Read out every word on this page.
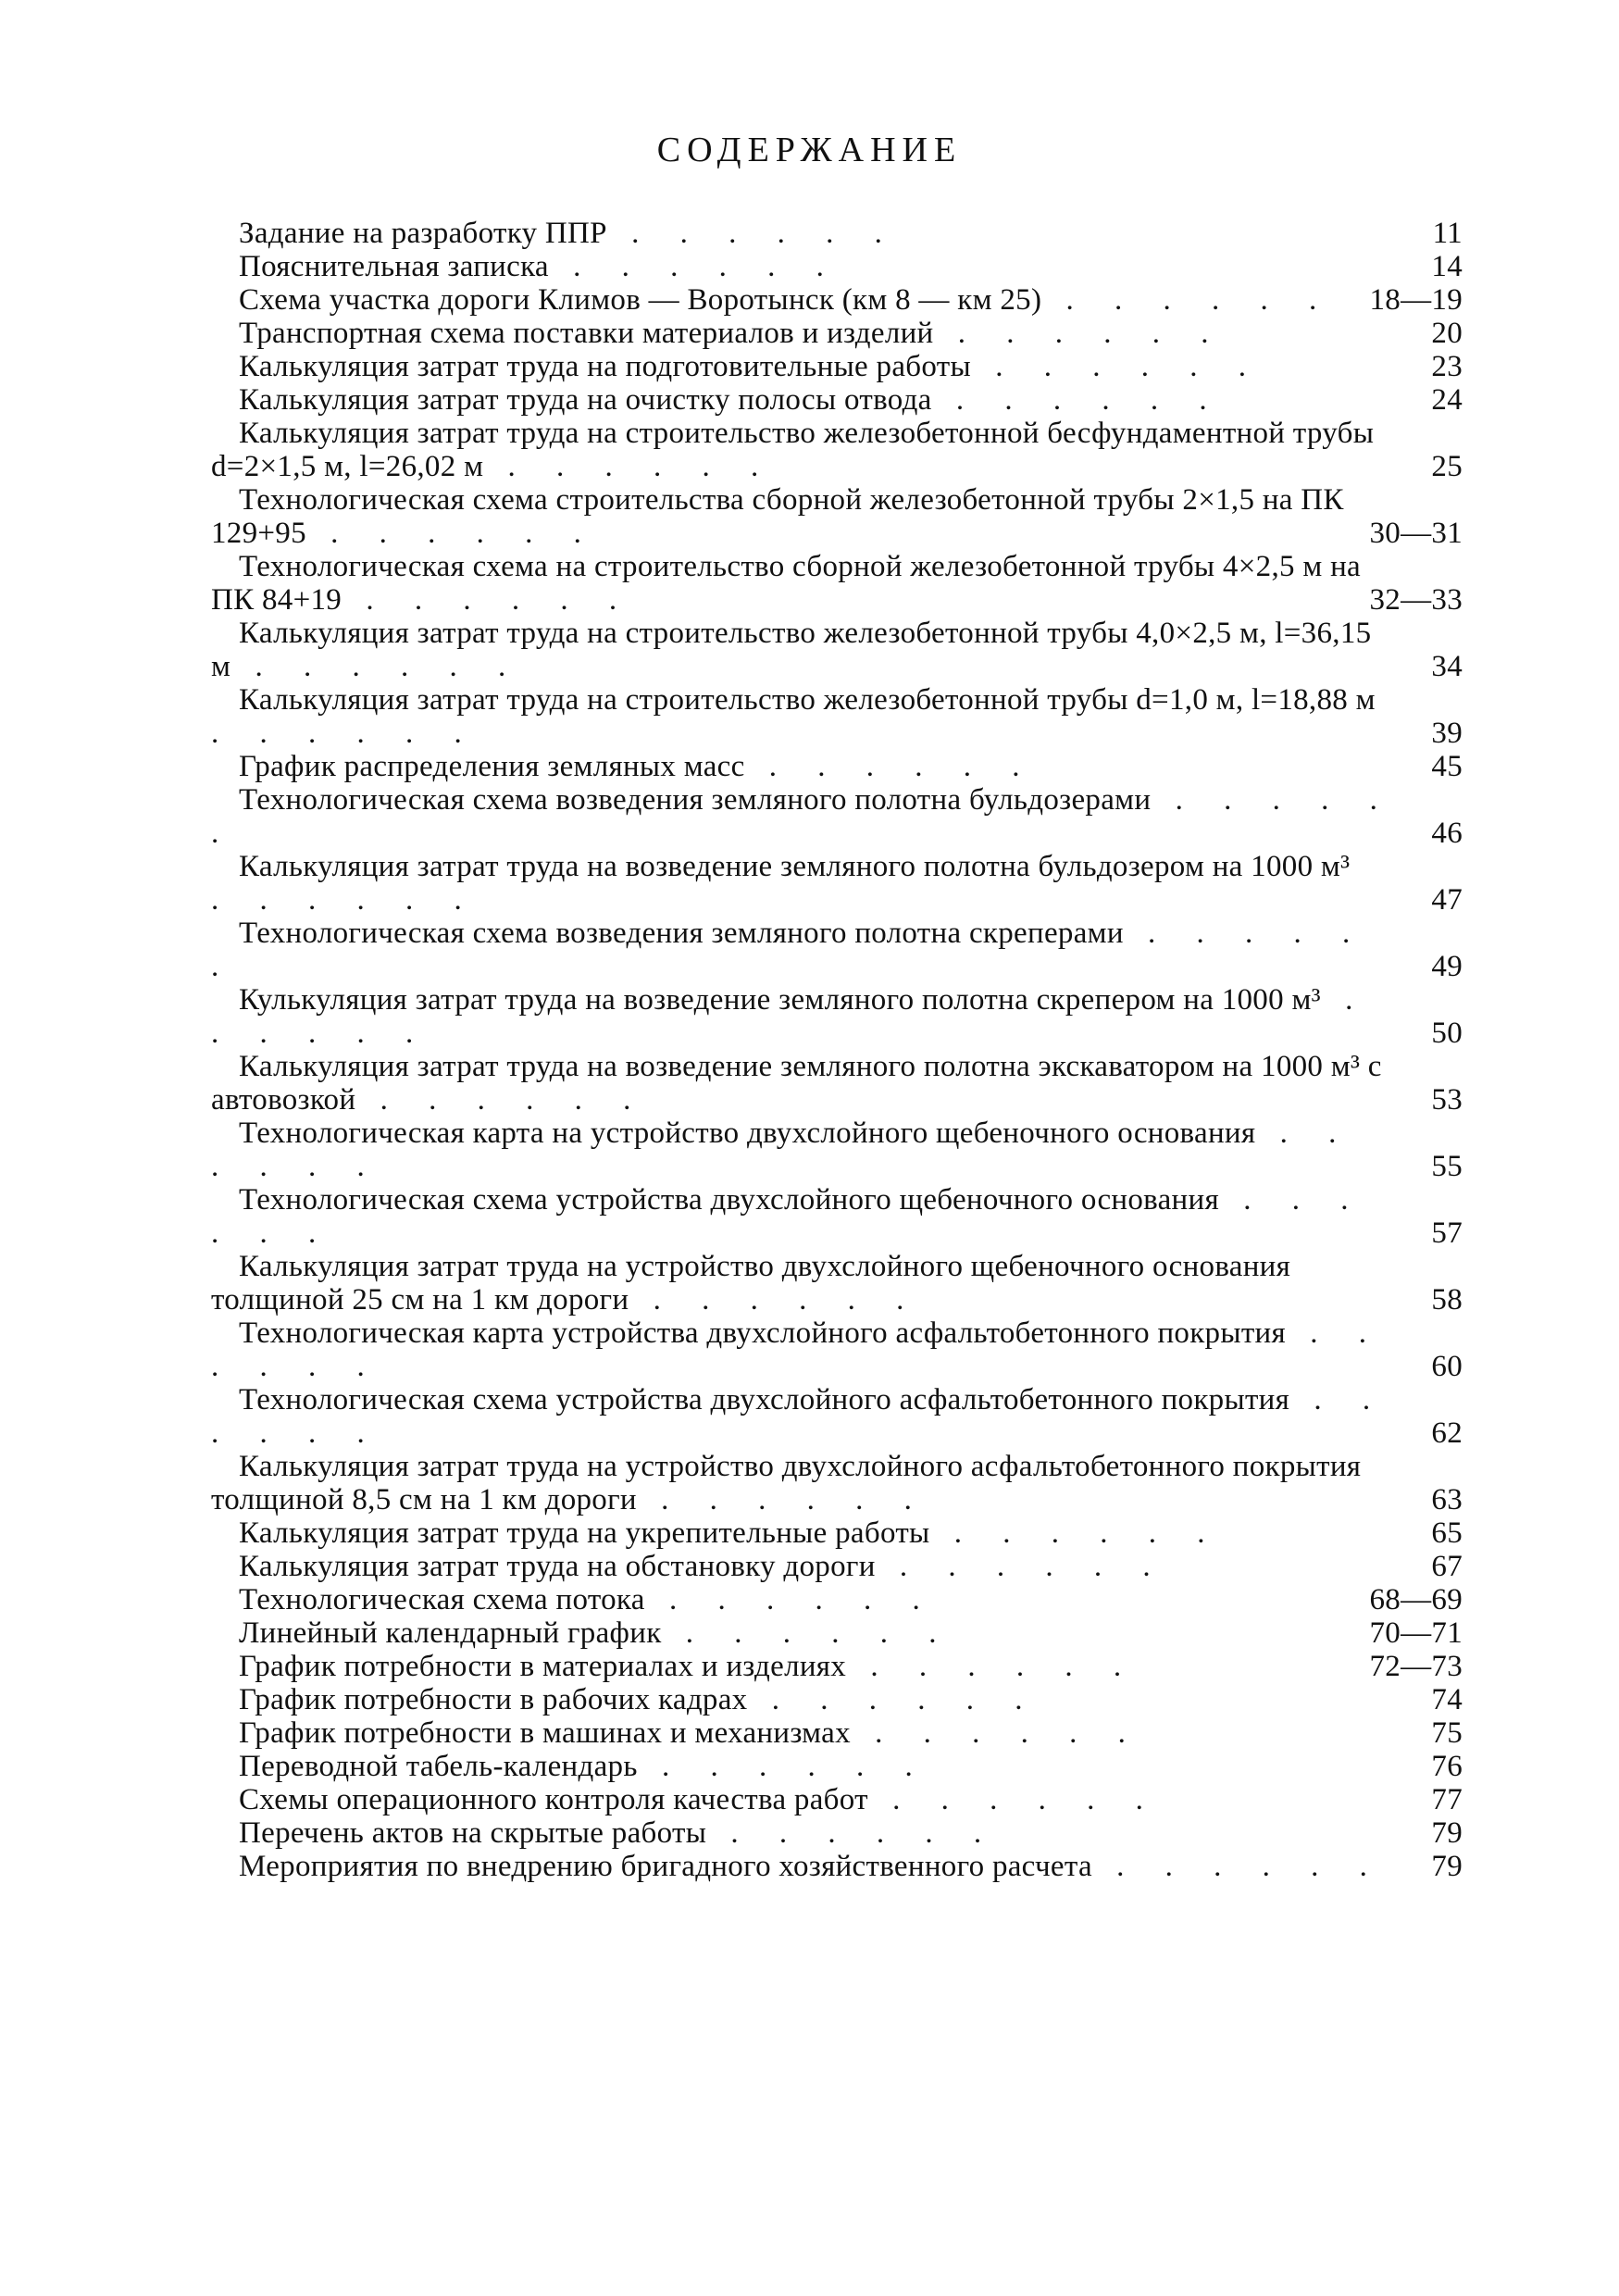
СОДЕРЖАНИЕ
Задание на разработку ППР . . . . . .	11
Пояснительная записка . . . . . .	14
Схема участка дороги Климов — Воротынск (км 8 — км 25) . . . . . .	18—19
Транспортная схема поставки материалов и изделий . . . . . .	20
Калькуляция затрат труда на подготовительные работы . . . . . .	23
Калькуляция затрат труда на очистку полосы отвода . . . . . .	24
Калькуляция затрат труда на строительство железобетонной бесфундаментной трубы d=2×1,5 м, l=26,02 м . . . . . .	25
Технологическая схема строительства сборной железобетонной трубы 2×1,5 на ПК 129+95 . . . . . .	30—31
Технологическая схема на строительство сборной железобетонной трубы 4×2,5 м на ПК 84+19 . . . . . .	32—33
Калькуляция затрат труда на строительство железобетонной трубы 4,0×2,5 м, l=36,15 м . . . . . .	34
Калькуляция затрат труда на строительство железобетонной трубы d=1,0 м, l=18,88 м . . . . . .	39
График распределения земляных масс . . . . . .	45
Технологическая схема возведения земляного полотна бульдозерами . . . . . .	46
Калькуляция затрат труда на возведение земляного полотна бульдозером на 1000 м³ . . . . . .	47
Технологическая схема возведения земляного полотна скреперами . . . . . .	49
Кулькуляция затрат труда на возведение земляного полотна скрепером на 1000 м³ . . . . . .	50
Калькуляция затрат труда на возведение земляного полотна экскаватором на 1000 м³ с автовозкой . . . . . .	53
Технологическая карта на устройство двухслойного щебеночного основания . . . . . .	55
Технологическая схема устройства двухслойного щебеночного основания . . . . . .	57
Калькуляция затрат труда на устройство двухслойного щебеночного основания толщиной 25 см на 1 км дороги . . . . . .	58
Технологическая карта устройства двухслойного асфальтобетонного покрытия . . . . . .	60
Технологическая схема устройства двухслойного асфальтобетонного покрытия . . . . . .	62
Калькуляция затрат труда на устройство двухслойного асфальтобетонного покрытия толщиной 8,5 см на 1 км дороги . . . . . .	63
Калькуляция затрат труда на укрепительные работы . . . . . .	65
Калькуляция затрат труда на обстановку дороги . . . . . .	67
Технологическая схема потока . . . . . .	68—69
Линейный календарный график . . . . . .	70—71
График потребности в материалах и изделиях . . . . . .	72—73
График потребности в рабочих кадрах . . . . . .	74
График потребности в машинах и механизмах . . . . . .	75
Переводной табель-календарь . . . . . .	76
Схемы операционного контроля качества работ . . . . . .	77
Перечень актов на скрытые работы . . . . . .	79
Мероприятия по внедрению бригадного хозяйственного расчета . . . . . .	79
